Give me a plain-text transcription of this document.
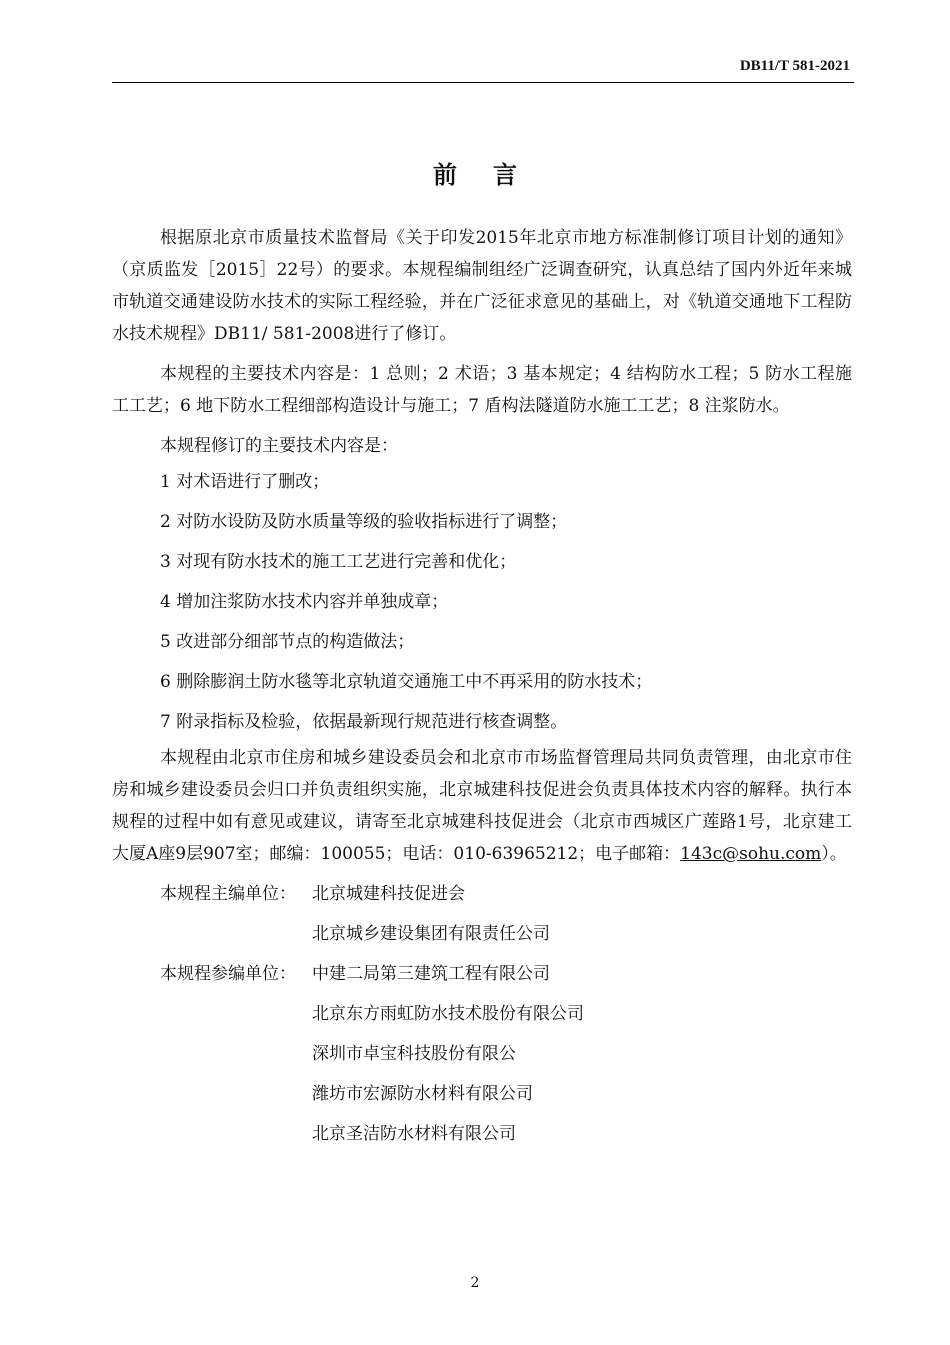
DB11/T 581-2021
前言

根据原北京市质量技术监督局《关于印发2015年北京市地方标准制修订项目计划的通知》（京质监发［2015］22号）的要求。本规程编制组经广泛调查研究，认真总结了国内外近年来城市轨道交通建设防水技术的实际工程经验，并在广泛征求意见的基础上，对《轨道交通地下工程防水技术规程》DB11/ 581-2008进行了修订。

本规程的主要技术内容是：1 总则；2 术语；3 基本规定；4 结构防水工程；5 防水工程施工工艺；6 地下防水工程细部构造设计与施工；7 盾构法隧道防水施工工艺；8 注浆防水。

本规程修订的主要技术内容是：

1 对术语进行了删改；

2 对防水设防及防水质量等级的验收指标进行了调整；

3 对现有防水技术的施工工艺进行完善和优化；

4 增加注浆防水技术内容并单独成章；

5 改进部分细部节点的构造做法；

6 删除膨润土防水毯等北京轨道交通施工中不再采用的防水技术；

7 附录指标及检验，依据最新现行规范进行核查调整。

本规程由北京市住房和城乡建设委员会和北京市市场监督管理局共同负责管理，由北京市住房和城乡建设委员会归口并负责组织实施，北京城建科技促进会负责具体技术内容的解释。执行本规程的过程中如有意见或建议，请寄至北京城建科技促进会（北京市西城区广莲路1号，北京建工大厦A座9层907室；邮编：100055；电话：010-63965212；电子邮箱：143c@sohu.com）。

本规程主编单位： 北京城建科技促进会
北京城乡建设集团有限责任公司
本规程参编单位： 中建二局第三建筑工程有限公司
北京东方雨虹防水技术股份有限公司
深圳市卓宝科技股份有限公
潍坊市宏源防水材料有限公司
北京圣洁防水材料有限公司
2
